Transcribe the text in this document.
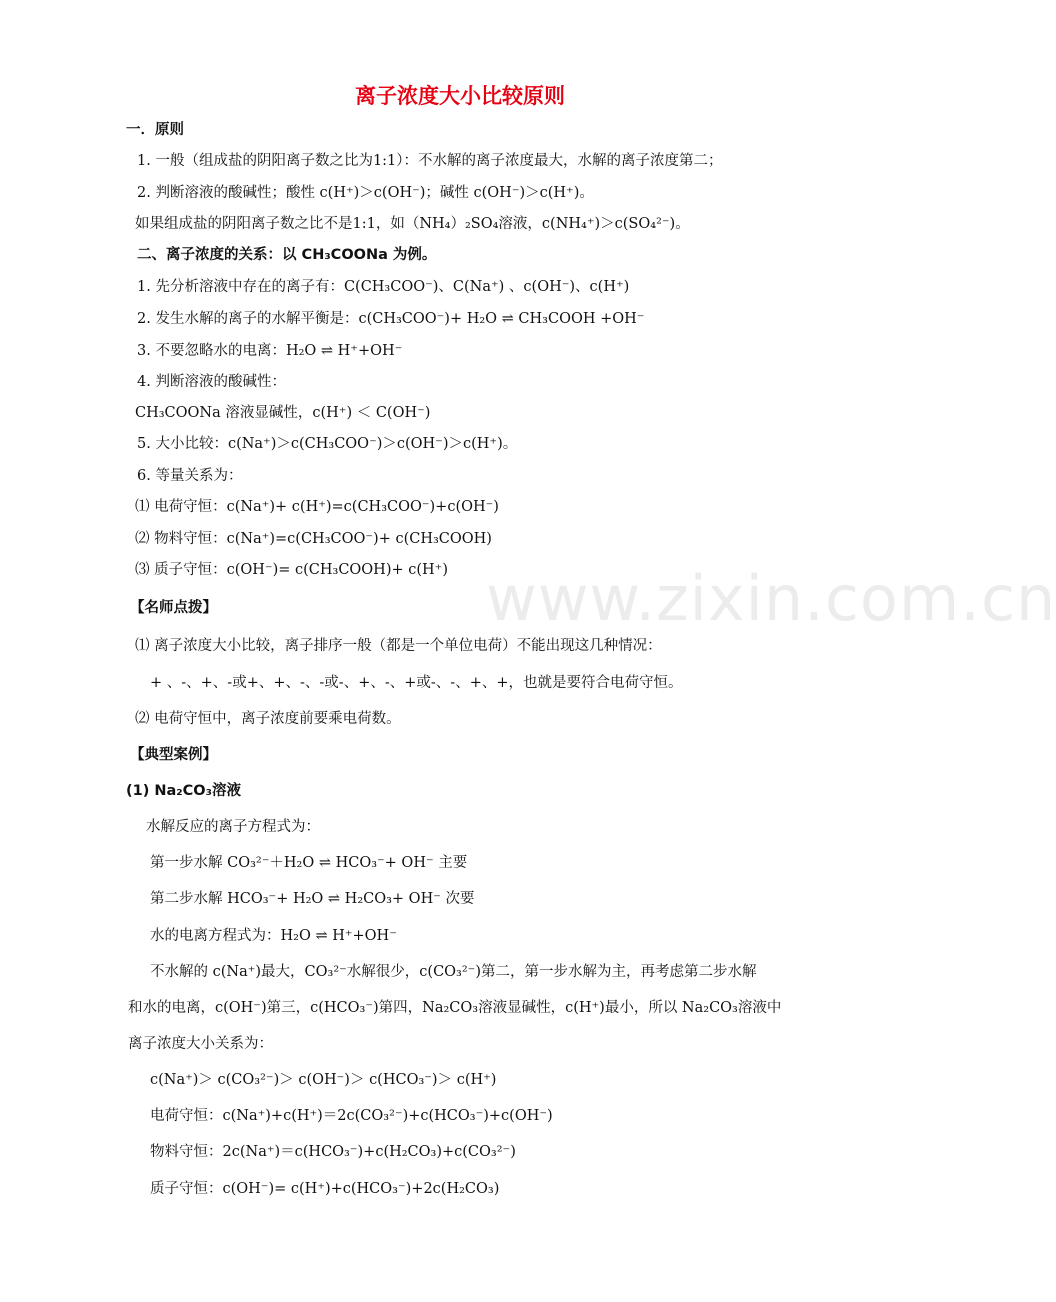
离子浓度大小比较原则
www.zixin.com.cn
一．原则
1. 一般（组成盐的阴阳离子数之比为1:1）：不水解的离子浓度最大，水解的离子浓度第二；
2. 判断溶液的酸碱性；酸性 c(H⁺)＞c(OH⁻)；碱性 c(OH⁻)＞c(H⁺)。
如果组成盐的阴阳离子数之比不是1:1，如（NH₄）₂SO₄溶液，c(NH₄⁺)＞c(SO₄²⁻)。
二、离子浓度的关系：以 CH₃COONa 为例。
1. 先分析溶液中存在的离子有：C(CH₃COO⁻)、C(Na⁺) 、c(OH⁻)、c(H⁺)
2. 发生水解的离子的水解平衡是：c(CH₃COO⁻)+ H₂O ⇌ CH₃COOH +OH⁻
3. 不要忽略水的电离：H₂O ⇌ H⁺+OH⁻
4. 判断溶液的酸碱性：
CH₃COONa 溶液显碱性，c(H⁺) ＜ C(OH⁻)
5. 大小比较：c(Na⁺)＞c(CH₃COO⁻)＞c(OH⁻)＞c(H⁺)。
6. 等量关系为：
⑴ 电荷守恒：c(Na⁺)+ c(H⁺)=c(CH₃COO⁻)+c(OH⁻)
⑵ 物料守恒：c(Na⁺)=c(CH₃COO⁻)+ c(CH₃COOH)
⑶ 质子守恒：c(OH⁻)= c(CH₃COOH)+ c(H⁺)
【名师点拨】
⑴ 离子浓度大小比较，离子排序一般（都是一个单位电荷）不能出现这几种情况：
+ 、-、+、-或+、+、-、-或-、+、-、+或-、-、+、+，也就是要符合电荷守恒。
⑵ 电荷守恒中，离子浓度前要乘电荷数。
【典型案例】
(1) Na₂CO₃溶液
水解反应的离子方程式为：
第一步水解 CO₃²⁻＋H₂O ⇌ HCO₃⁻+ OH⁻ 主要
第二步水解 HCO₃⁻+ H₂O ⇌ H₂CO₃+ OH⁻ 次要
水的电离方程式为：H₂O ⇌ H⁺+OH⁻
不水解的 c(Na⁺)最大，CO₃²⁻水解很少，c(CO₃²⁻)第二，第一步水解为主，再考虑第二步水解
和水的电离，c(OH⁻)第三，c(HCO₃⁻)第四，Na₂CO₃溶液显碱性，c(H⁺)最小，所以 Na₂CO₃溶液中
离子浓度大小关系为：
c(Na⁺)＞ c(CO₃²⁻)＞ c(OH⁻)＞ c(HCO₃⁻)＞ c(H⁺)
电荷守恒：c(Na⁺)+c(H⁺)＝2c(CO₃²⁻)+c(HCO₃⁻)+c(OH⁻)
物料守恒：2c(Na⁺)＝c(HCO₃⁻)+c(H₂CO₃)+c(CO₃²⁻)
质子守恒：c(OH⁻)= c(H⁺)+c(HCO₃⁻)+2c(H₂CO₃)
